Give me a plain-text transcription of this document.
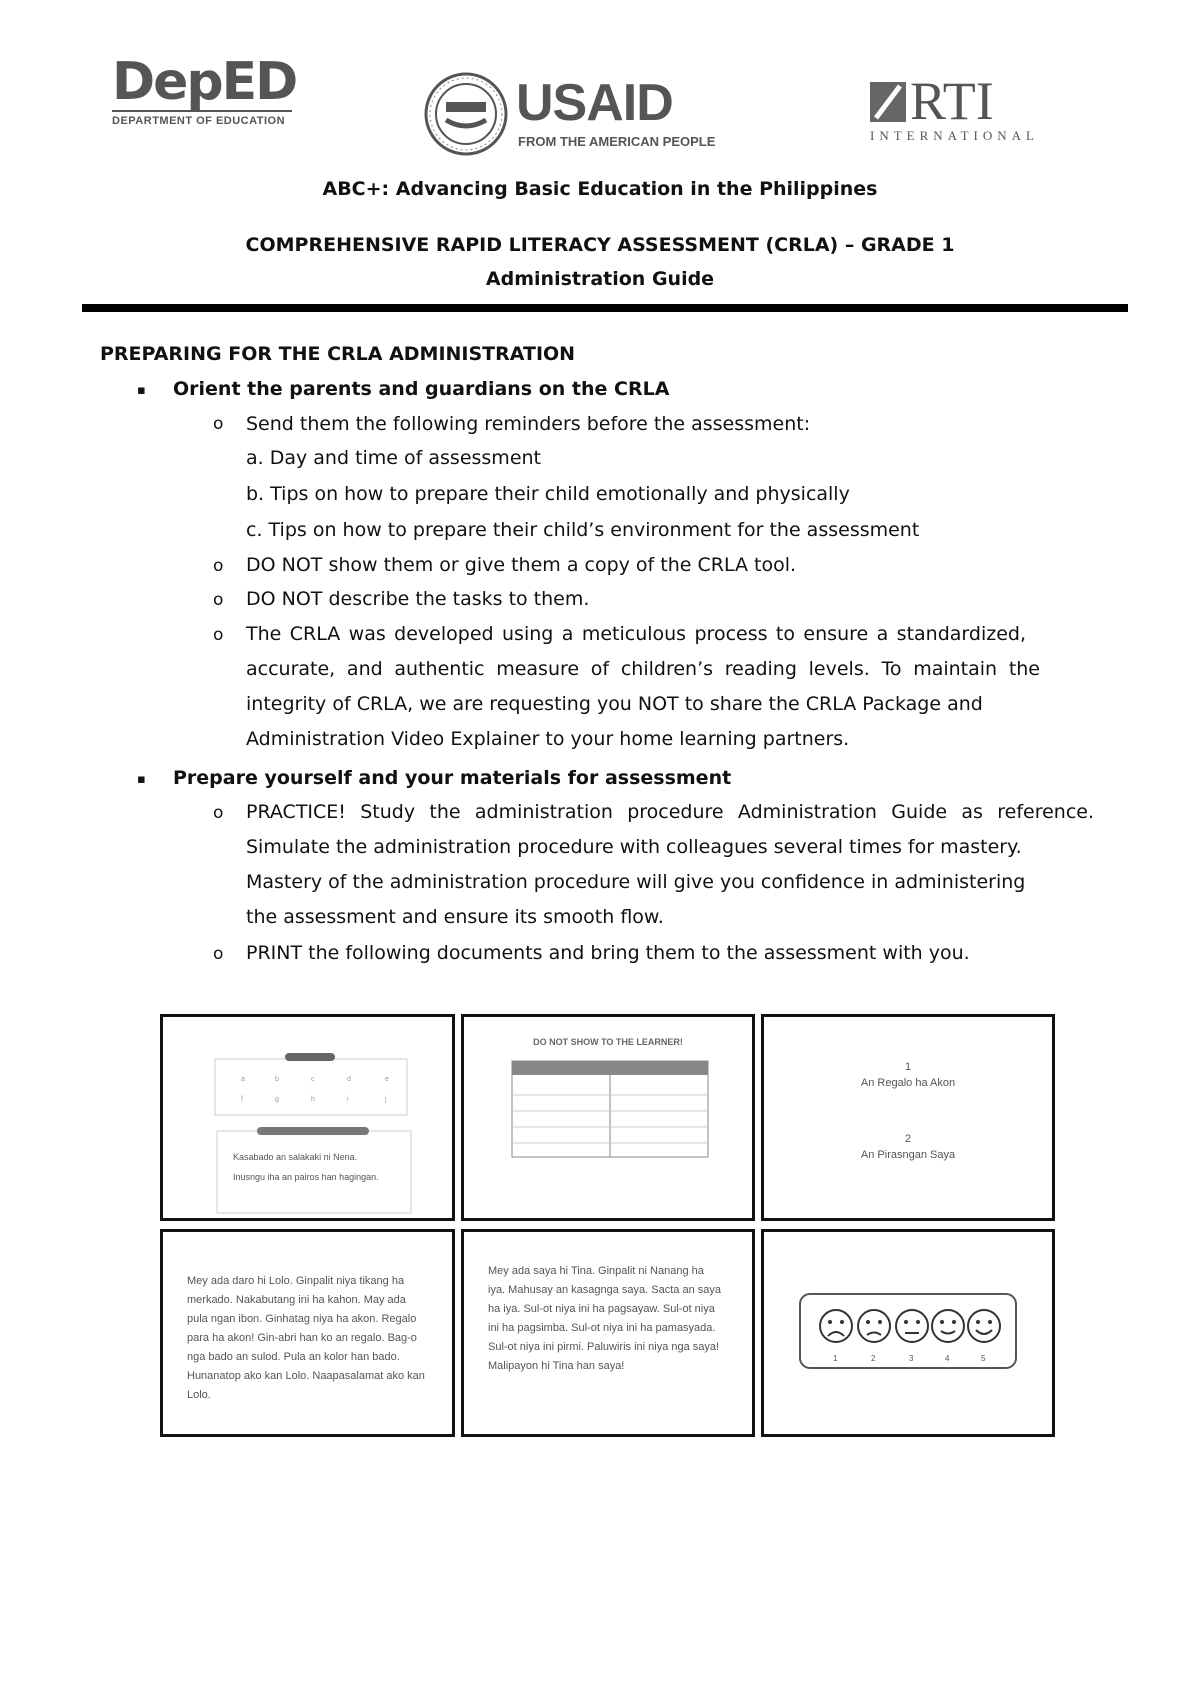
DepED
DEPARTMENT OF EDUCATION	USAID
FROM THE AMERICAN PEOPLE
RTI
INTERNATIONAL
ABC+: Advancing Basic Education in the Philippines
COMPREHENSIVE RAPID LITERACY ASSESSMENT (CRLA) – GRADE 1
Administration Guide
PREPARING FOR THE CRLA ADMINISTRATION
▪ Orient the parents and guardians on the CRLA
o Send them the following reminders before the assessment:
a. Day and time of assessment
b. Tips on how to prepare their child emotionally and physically
c. Tips on how to prepare their child’s environment for the assessment
o DO NOT show them or give them a copy of the CRLA tool.
o DO NOT describe the tasks to them.
o The CRLA was developed using a meticulous process to ensure a standardized,
accurate, and authentic measure of children’s reading levels. To maintain the
integrity of CRLA, we are requesting you NOT to share the CRLA Package and
Administration Video Explainer to your home learning partners.
▪ Prepare yourself and your materials for assessment
o PRACTICE! Study the administration procedure Administration Guide as reference.
Simulate the administration procedure with colleagues several times for mastery.
Mastery of the administration procedure will give you confidence in administering
the assessment and ensure its smooth flow.
o PRINT the following documents and bring them to the assessment with you.
a	b	c	d	e
f	g	h	i	j
Kasabado an salakaki ni Nena.
Inusngu iha an pairos han hagingan.
DO NOT SHOW TO THE LEARNER!
1
An Regalo ha Akon
2
An Pirasngan Saya
Mey ada daro hi Lolo. Ginpalit niya tikang ha
merkado. Nakabutang ini ha kahon. May ada
pula ngan ibon. Ginhatag niya ha akon. Regalo
para ha akon! Gin-abri han ko an regalo. Bag-o
nga bado an sulod. Pula an kolor han bado.
Hunanatop ako kan Lolo. Naapasalamat ako kan
Lolo.
Mey ada saya hi Tina. Ginpalit ni Nanang ha
iya. Mahusay an kasagnga saya. Sacta an saya
ha iya. Sul-ot niya ini ha pagsayaw. Sul-ot niya
ini ha pagsimba. Sul-ot niya ini ha pamasyada.
Sul-ot niya ini pirmi. Paluwiris ini niya nga saya!
Malipayon hi Tina han saya!
1	2	3	4	5
